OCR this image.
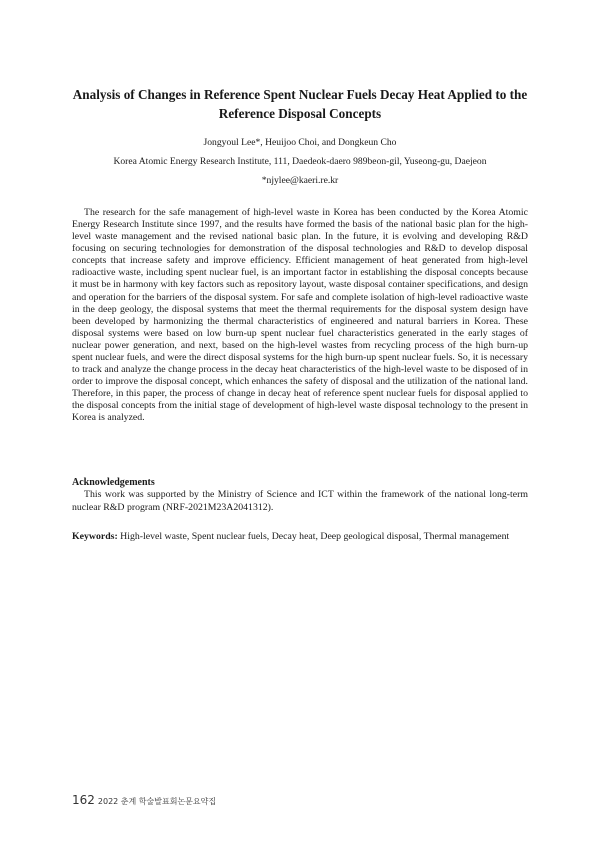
Analysis of Changes in Reference Spent Nuclear Fuels Decay Heat Applied to the Reference Disposal Concepts
Jongyoul Lee*, Heuijoo Choi, and Dongkeun Cho
Korea Atomic Energy Research Institute, 111, Daedeok-daero 989beon-gil, Yuseong-gu, Daejeon
*njylee@kaeri.re.kr

The research for the safe management of high-level waste in Korea has been conducted by the Korea Atomic Energy Research Institute since 1997, and the results have formed the basis of the national basic plan for the high-level waste management and the revised national basic plan. In the future, it is evolving and developing R&D focusing on securing technologies for demonstration of the disposal technologies and R&D to develop disposal concepts that increase safety and improve efficiency. Efficient management of heat generated from high-level radioactive waste, including spent nuclear fuel, is an important factor in establishing the disposal concepts because it must be in harmony with key factors such as repository layout, waste disposal container specifications, and design and operation for the barriers of the disposal system. For safe and complete isolation of high-level radioactive waste in the deep geology, the disposal systems that meet the thermal requirements for the disposal system design have been developed by harmonizing the thermal characteristics of engineered and natural barriers in Korea. These disposal systems were based on low burn-up spent nuclear fuel characteristics generated in the early stages of nuclear power generation, and next, based on the high-level wastes from recycling process of the high burn-up spent nuclear fuels, and were the direct disposal systems for the high burn-up spent nuclear fuels. So, it is necessary to track and analyze the change process in the decay heat characteristics of the high-level waste to be disposed of in order to improve the disposal concept, which enhances the safety of disposal and the utilization of the national land. Therefore, in this paper, the process of change in decay heat of reference spent nuclear fuels for disposal applied to the disposal concepts from the initial stage of development of high-level waste disposal technology to the present in Korea is analyzed.

Acknowledgements

This work was supported by the Ministry of Science and ICT within the framework of the national long-term nuclear R&D program (NRF-2021M23A2041312).

Keywords: High-level waste, Spent nuclear fuels, Decay heat, Deep geological disposal, Thermal management

162 2022 춘계 학술발표회논문요약집
